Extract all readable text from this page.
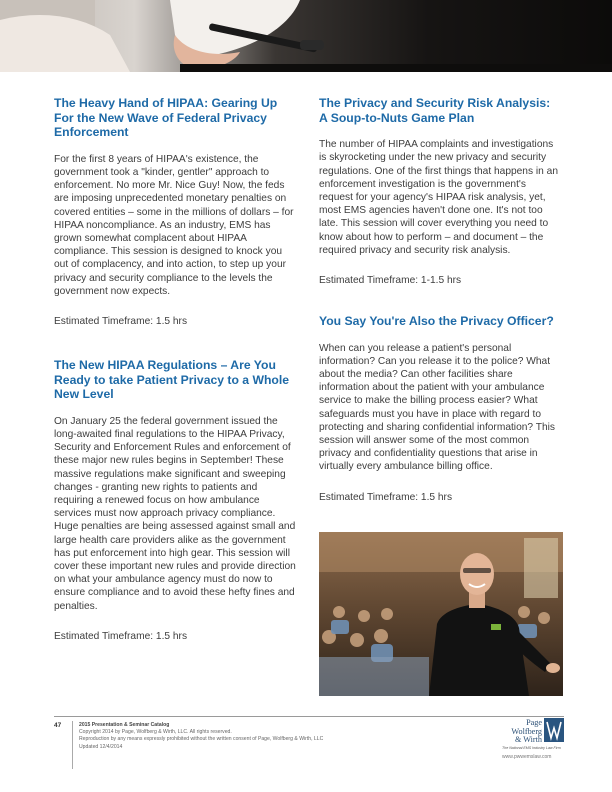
The Heavy Hand of HIPAA: Gearing Up For the New Wave of Federal Privacy Enforcement

For the first 8 years of HIPAA's existence, the government took a "kinder, gentler" approach to enforcement. No more Mr. Nice Guy! Now, the feds are imposing unprecedented monetary penalties on covered entities – some in the millions of dollars – for HIPAA noncompliance. As an industry, EMS has grown somewhat complacent about HIPAA compliance. This session is designed to knock you out of complacency, and into action, to step up your privacy and security compliance to the levels the government now expects.

Estimated Timeframe: 1.5 hrs

The New HIPAA Regulations – Are You Ready to take Patient Privacy to a Whole New Level

On January 25 the federal government issued the long-awaited final regulations to the HIPAA Privacy, Security and Enforcement Rules and enforcement of these major new rules begins in September! These massive regulations make significant and sweeping changes - granting new rights to patients and requiring a renewed focus on how ambulance services must now approach privacy compliance. Huge penalties are being assessed against small and large health care providers alike as the government has put enforcement into high gear. This session will cover these important new rules and provide direction on what your ambulance agency must do now to ensure compliance and to avoid these hefty fines and penalties.

Estimated Timeframe: 1.5 hrs

The Privacy and Security Risk Analysis: A Soup-to-Nuts Game Plan

The number of HIPAA complaints and investigations is skyrocketing under the new privacy and security regulations. One of the first things that happens in an enforcement investigation is the government's request for your agency's HIPAA risk analysis, yet, most EMS agencies haven't done one. It's not too late. This session will cover everything you need to know about how to perform – and document – the required privacy and security risk analysis.

Estimated Timeframe: 1-1.5 hrs

You Say You're Also the Privacy Officer?

When can you release a patient's personal information? Can you release it to the police? What about the media? Can other facilities share information about the patient with your ambulance service to make the billing process easier? What safeguards must you have in place with regard to protecting and sharing confidential information? This session will answer some of the most common privacy and confidentiality questions that arise in virtually every ambulance billing office.

Estimated Timeframe: 1.5 hrs

47	2015 Presentation & Seminar Catalog
Copyright 2014 by Page, Wolfberg & Wirth, LLC. All rights reserved.
Reproduction by any means expressly prohibited without the written consent of Page, Wolfberg & Wirth, LLC
Updated 12/4/2014
Page
Wolfberg
& Wirth
The National EMS Industry Law Firm
www.pwwemslaw.com
